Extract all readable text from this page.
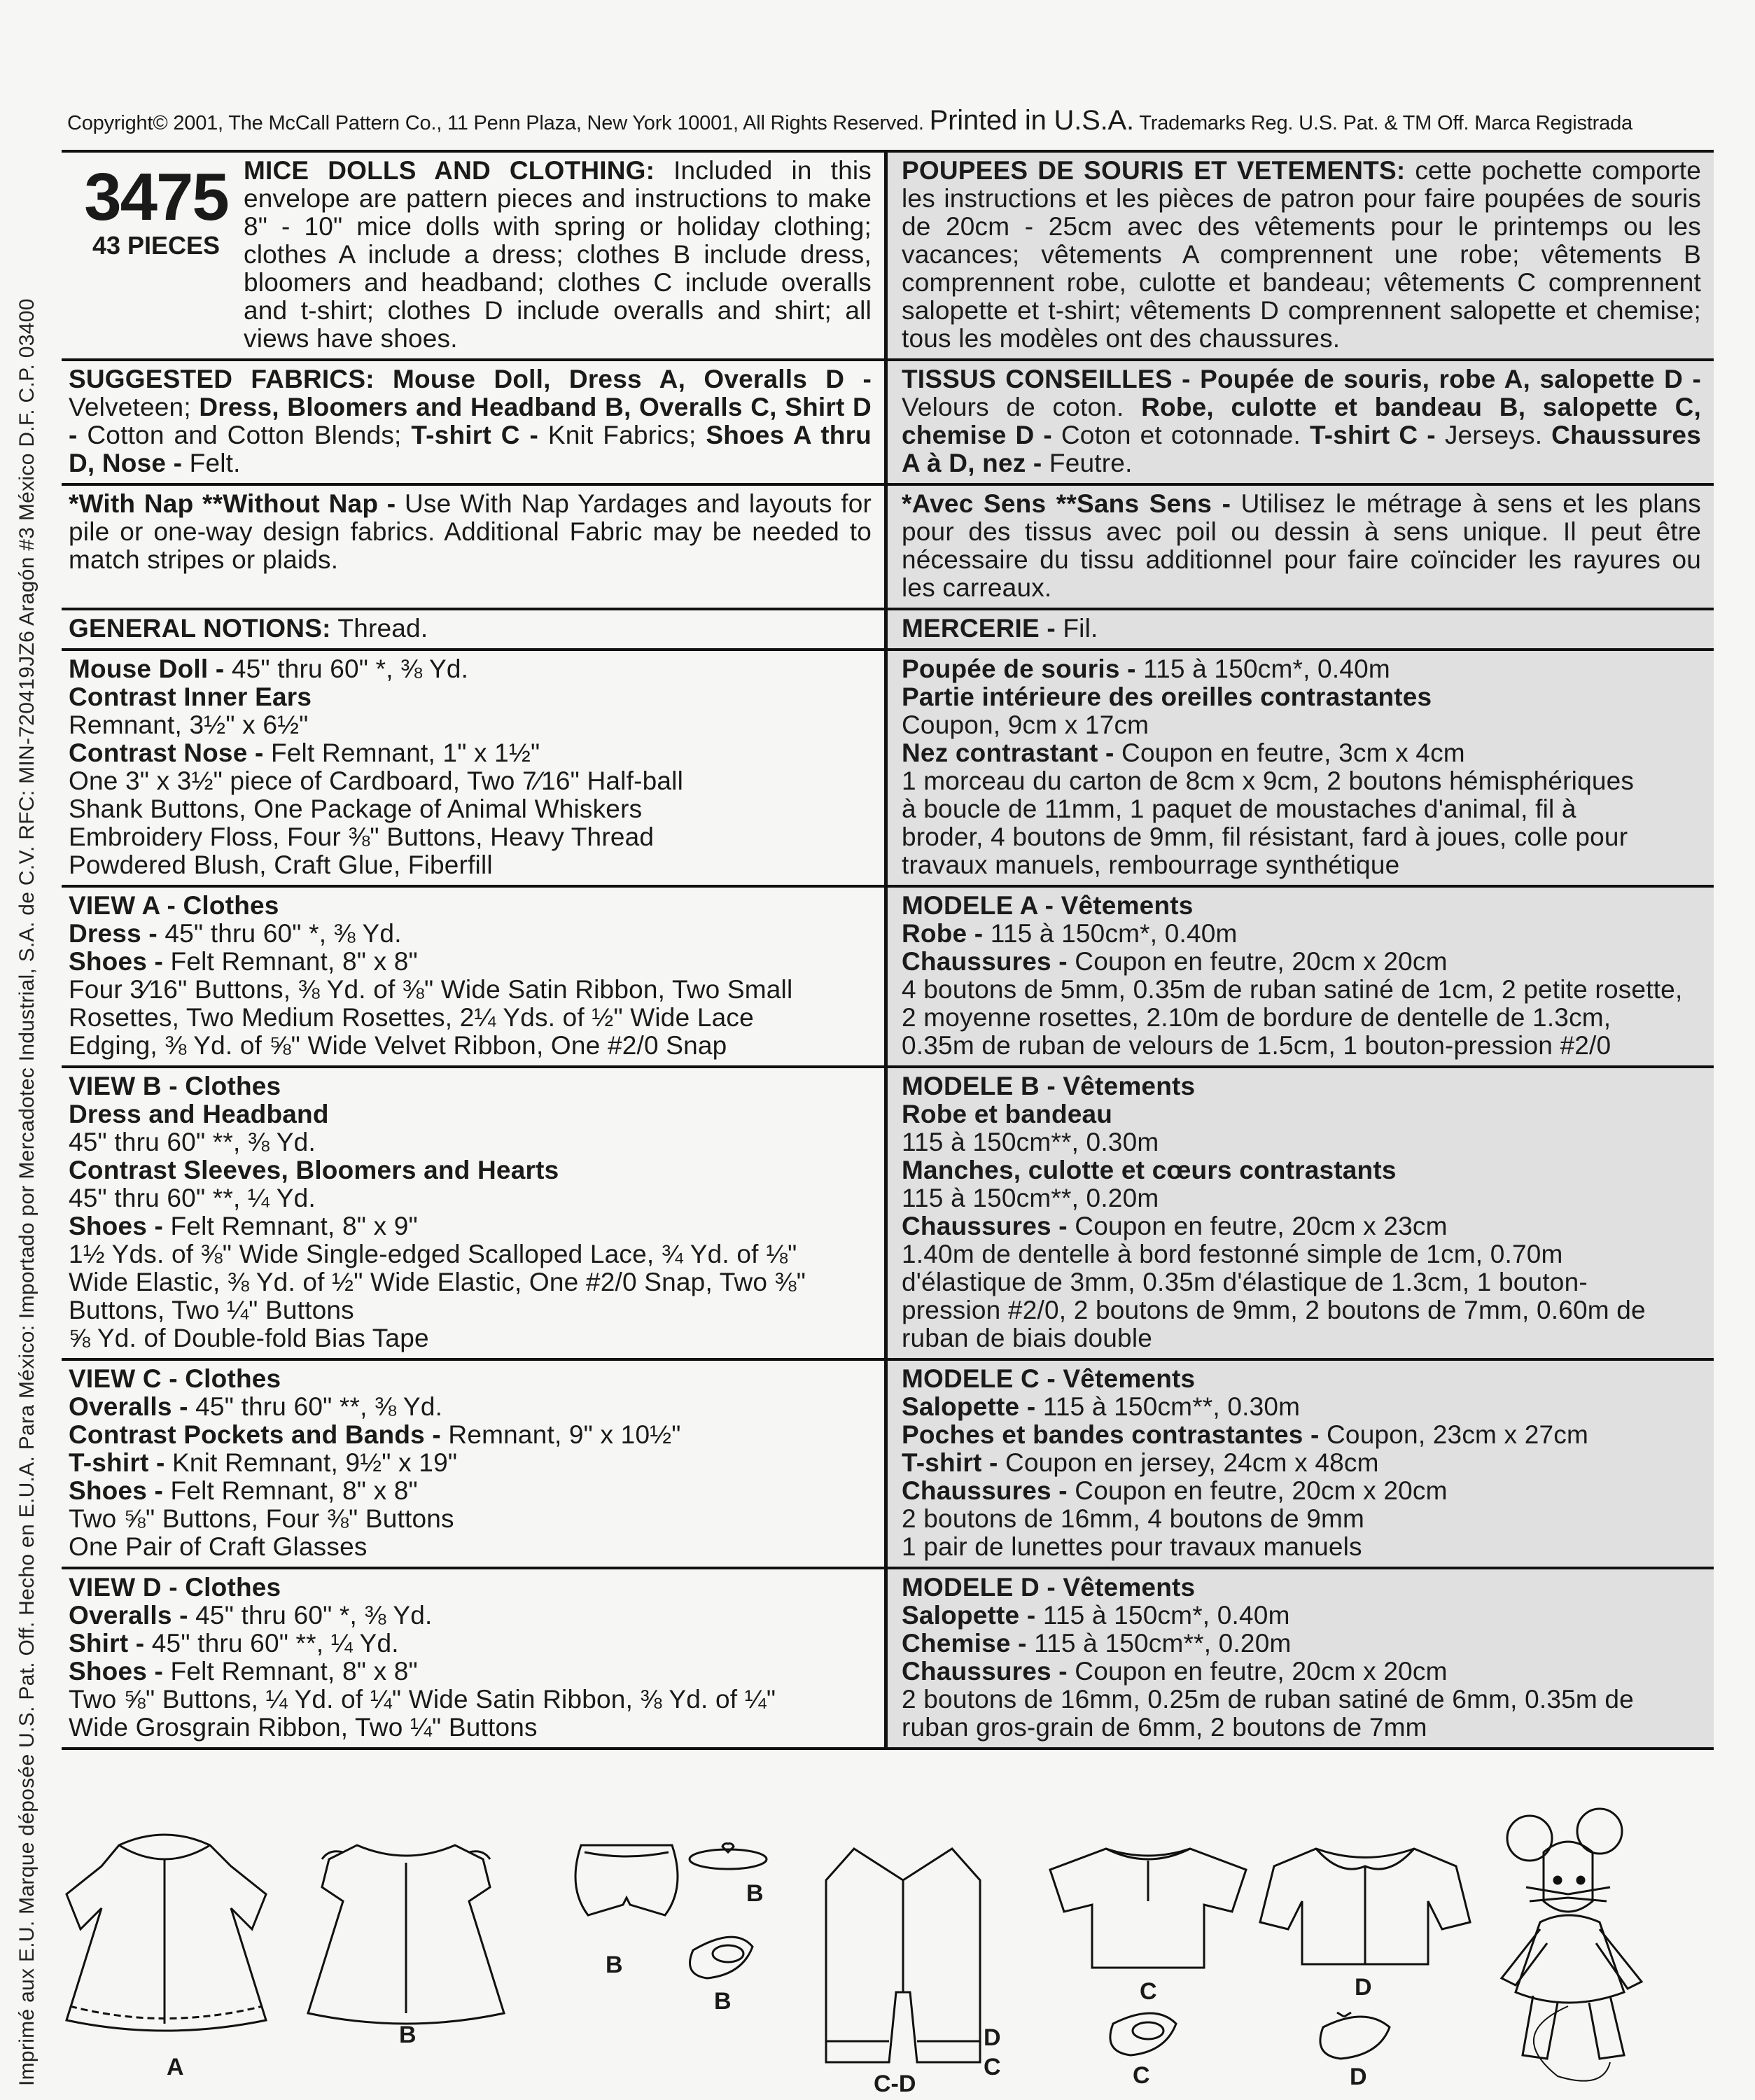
Imprimé aux E.U. Marque déposée U.S. Pat. Off. Hecho en E.U.A. Para México: Importado por Mercadotec Industrial, S.A. de C.V. RFC: MIN-720419JZ6 Aragón #3 México D.F. C.P. 03400
Copyright© 2001, The McCall Pattern Co., 11 Penn Plaza, New York 10001, All Rights Reserved. Printed in U.S.A. Trademarks Reg. U.S. Pat. & TM Off. Marca Registrada
3475
43 PIECES
MICE DOLLS AND CLOTHING: Included in this envelope are pattern pieces and instructions to make 8" - 10" mice dolls with spring or holiday clothing; clothes A include a dress; clothes B include dress, bloomers and headband; clothes C include overalls and t-shirt; clothes D include overalls and shirt; all views have shoes.
POUPEES DE SOURIS ET VETEMENTS: cette pochette comporte les instructions et les pièces de patron pour faire poupées de souris de 20cm - 25cm avec des vêtements pour le printemps ou les vacances; vêtements A comprennent une robe; vêtements B comprennent robe, culotte et bandeau; vêtements C comprennent salopette et t-shirt; vêtements D comprennent salopette et chemise; tous les modèles ont des chaussures.
SUGGESTED FABRICS: Mouse Doll, Dress A, Overalls D - Velveteen; Dress, Bloomers and Headband B, Overalls C, Shirt D - Cotton and Cotton Blends; T-shirt C - Knit Fabrics; Shoes A thru D, Nose - Felt.
TISSUS CONSEILLES - Poupée de souris, robe A, salopette D - Velours de coton. Robe, culotte et bandeau B, salopette C, chemise D - Coton et cotonnade. T-shirt C - Jerseys. Chaussures A à D, nez - Feutre.
*With Nap **Without Nap - Use With Nap Yardages and layouts for pile or one-way design fabrics. Additional Fabric may be needed to match stripes or plaids.
*Avec Sens **Sans Sens - Utilisez le métrage à sens et les plans pour des tissus avec poil ou dessin à sens unique. Il peut être nécessaire du tissu additionnel pour faire coïncider les rayures ou les carreaux.
GENERAL NOTIONS: Thread.	MERCERIE - Fil.
Mouse Doll - 45" thru 60" *, ⅜ Yd.
Contrast Inner Ears
Remnant, 3½" x 6½"
Contrast Nose - Felt Remnant, 1" x 1½"
One 3" x 3½" piece of Cardboard, Two 7⁄16" Half-ball
Shank Buttons, One Package of Animal Whiskers
Embroidery Floss, Four ⅜" Buttons, Heavy Thread
Powdered Blush, Craft Glue, Fiberfill
Poupée de souris - 115 à 150cm*, 0.40m
Partie intérieure des oreilles contrastantes
Coupon, 9cm x 17cm
Nez contrastant - Coupon en feutre, 3cm x 4cm
1 morceau du carton de 8cm x 9cm, 2 boutons hémisphériques
à boucle de 11mm, 1 paquet de moustaches d'animal, fil à
broder, 4 boutons de 9mm, fil résistant, fard à joues, colle pour
travaux manuels, rembourrage synthétique
VIEW A - Clothes
Dress - 45" thru 60" *, ⅜ Yd.
Shoes - Felt Remnant, 8" x 8"
Four 3⁄16" Buttons, ⅜ Yd. of ⅜" Wide Satin Ribbon, Two Small
Rosettes, Two Medium Rosettes, 2¼ Yds. of ½" Wide Lace
Edging, ⅜ Yd. of ⅝" Wide Velvet Ribbon, One #2/0 Snap
MODELE A - Vêtements
Robe - 115 à 150cm*, 0.40m
Chaussures - Coupon en feutre, 20cm x 20cm
4 boutons de 5mm, 0.35m de ruban satiné de 1cm, 2 petite rosette,
2 moyenne rosettes, 2.10m de bordure de dentelle de 1.3cm,
0.35m de ruban de velours de 1.5cm, 1 bouton-pression #2/0
VIEW B - Clothes
Dress and Headband
45" thru 60" **, ⅜ Yd.
Contrast Sleeves, Bloomers and Hearts
45" thru 60" **, ¼ Yd.
Shoes - Felt Remnant, 8" x 9"
1½ Yds. of ⅜" Wide Single-edged Scalloped Lace, ¾ Yd. of ⅛"
Wide Elastic, ⅜ Yd. of ½" Wide Elastic, One #2/0 Snap, Two ⅜"
Buttons, Two ¼" Buttons
⅝ Yd. of Double-fold Bias Tape
MODELE B - Vêtements
Robe et bandeau
115 à 150cm**, 0.30m
Manches, culotte et cœurs contrastants
115 à 150cm**, 0.20m
Chaussures - Coupon en feutre, 20cm x 23cm
1.40m de dentelle à bord festonné simple de 1cm, 0.70m
d'élastique de 3mm, 0.35m d'élastique de 1.3cm, 1 bouton-
pression #2/0, 2 boutons de 9mm, 2 boutons de 7mm, 0.60m de
ruban de biais double
VIEW C - Clothes
Overalls - 45" thru 60" **, ⅜ Yd.
Contrast Pockets and Bands - Remnant, 9" x 10½"
T-shirt - Knit Remnant, 9½" x 19"
Shoes - Felt Remnant, 8" x 8"
Two ⅝" Buttons, Four ⅜" Buttons
One Pair of Craft Glasses
MODELE C - Vêtements
Salopette - 115 à 150cm**, 0.30m
Poches et bandes contrastantes - Coupon, 23cm x 27cm
T-shirt - Coupon en jersey, 24cm x 48cm
Chaussures - Coupon en feutre, 20cm x 20cm
2 boutons de 16mm, 4 boutons de 9mm
1 pair de lunettes pour travaux manuels
VIEW D - Clothes
Overalls - 45" thru 60" *, ⅜ Yd.
Shirt - 45" thru 60" **, ¼ Yd.
Shoes - Felt Remnant, 8" x 8"
Two ⅝" Buttons, ¼ Yd. of ¼" Wide Satin Ribbon, ⅜ Yd. of ¼"
Wide Grosgrain Ribbon, Two ¼" Buttons
MODELE D - Vêtements
Salopette - 115 à 150cm*, 0.40m
Chemise - 115 à 150cm**, 0.20m
Chaussures - Coupon en feutre, 20cm x 20cm
2 boutons de 16mm, 0.25m de ruban satiné de 6mm, 0.35m de
ruban gros-grain de 6mm, 2 boutons de 7mm
A
B
B
B
B
D
C
C-D
C
C
D
D
